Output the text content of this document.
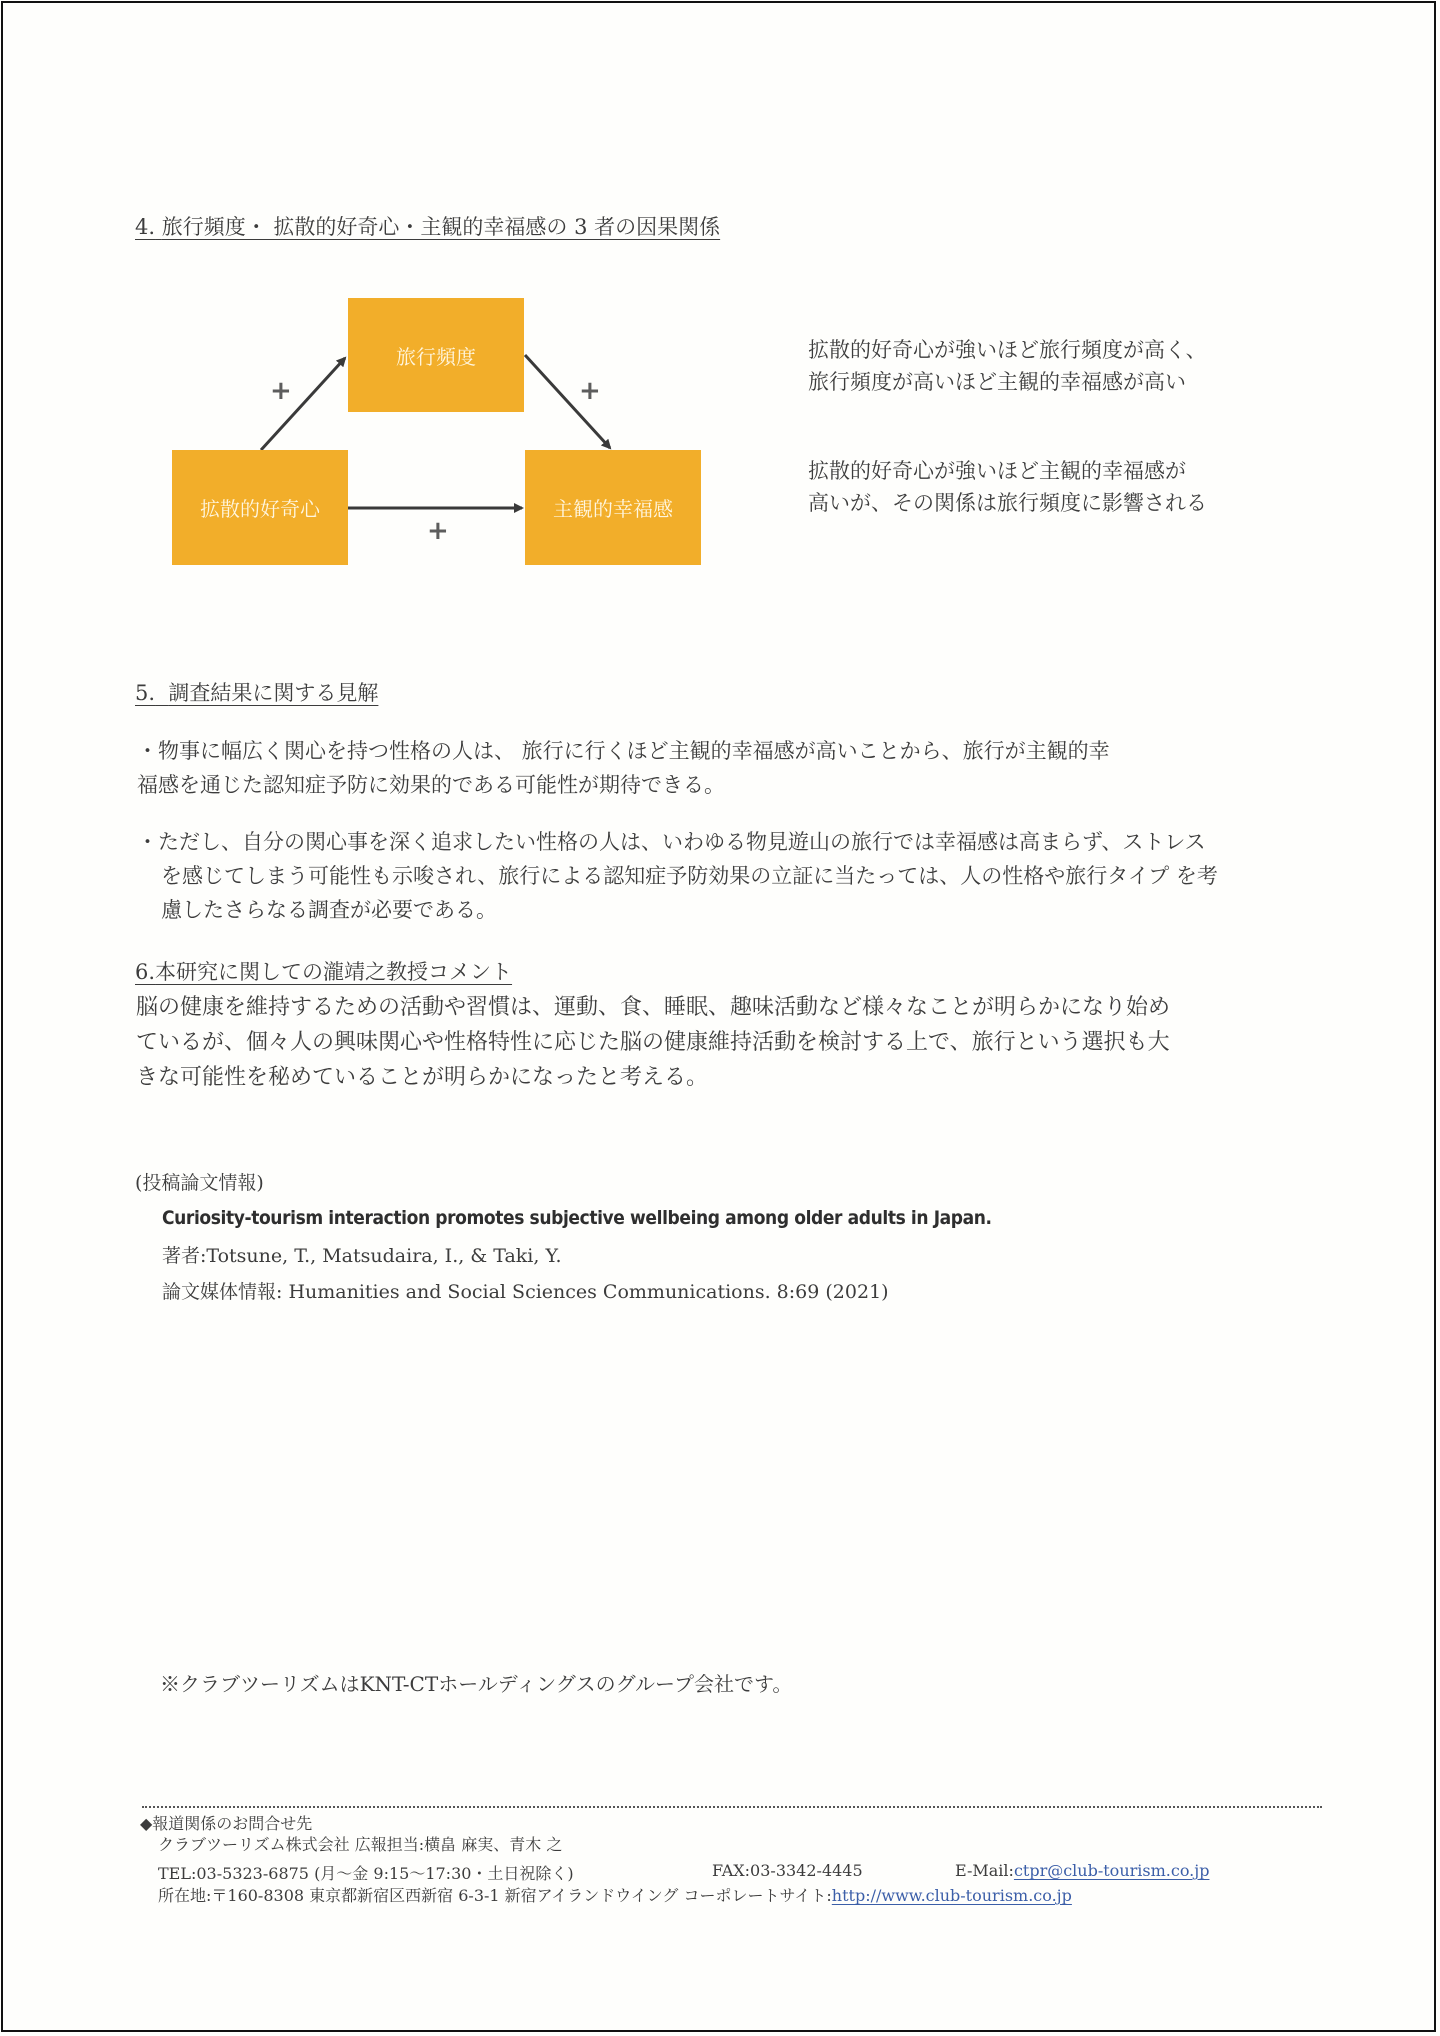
4. 旅行頻度・ 拡散的好奇心・主観的幸福感の 3 者の因果関係
旅行頻度
拡散的好奇心	主観的幸福感
+	+
+
拡散的好奇心が強いほど旅行頻度が高く、
旅行頻度が高いほど主観的幸福感が高い
拡散的好奇心が強いほど主観的幸福感が
高いが、その関係は旅行頻度に影響される
5. 調査結果に関する見解
・物事に幅広く関心を持つ性格の人は、 旅行に行くほど主観的幸福感が高いことから、旅行が主観的幸
福感を通じた認知症予防に効果的である可能性が期待できる。
・ただし、自分の関心事を深く追求したい性格の人は、いわゆる物見遊山の旅行では幸福感は高まらず、ストレス
を感じてしまう可能性も示唆され、旅行による認知症予防効果の立証に当たっては、人の性格や旅行タイプ を考
慮したさらなる調査が必要である。
6.本研究に関しての瀧靖之教授コメント
脳の健康を維持するための活動や習慣は、運動、食、睡眠、趣味活動など様々なことが明らかになり始め
ているが、個々人の興味関心や性格特性に応じた脳の健康維持活動を検討する上で、旅行という選択も大
きな可能性を秘めていることが明らかになったと考える。
(投稿論文情報)
Curiosity-tourism interaction promotes subjective wellbeing among older adults in Japan.
著者:Totsune, T., Matsudaira, I., & Taki, Y.
論文媒体情報: Humanities and Social Sciences Communications. 8:69 (2021)
※クラブツーリズムはKNT-CTホールディングスのグループ会社です。
◆報道関係のお問合せ先
クラブツーリズム株式会社 広報担当:横畠 麻実、青木 之
TEL:03-5323-6875 (月～金 9:15～17:30・土日祝除く)	FAX:03-3342-4445	E-Mail:ctpr@club-tourism.co.jp
所在地:〒160-8308 東京都新宿区西新宿 6-3-1 新宿アイランドウイング コーポレートサイト:http://www.club-tourism.co.jp
